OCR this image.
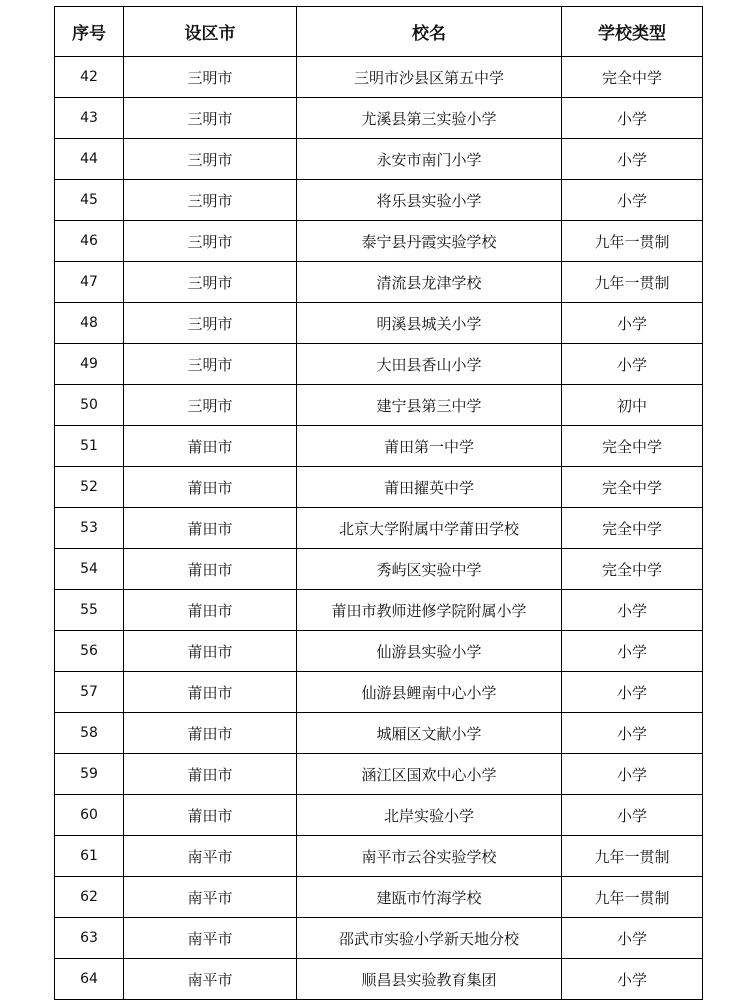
序号	设区市	校名	学校类型
42	三明市	三明市沙县区第五中学	完全中学
43	三明市	尤溪县第三实验小学	小学
44	三明市	永安市南门小学	小学
45	三明市	将乐县实验小学	小学
46	三明市	泰宁县丹霞实验学校	九年一贯制
47	三明市	清流县龙津学校	九年一贯制
48	三明市	明溪县城关小学	小学
49	三明市	大田县香山小学	小学
50	三明市	建宁县第三中学	初中
51	莆田市	莆田第一中学	完全中学
52	莆田市	莆田擢英中学	完全中学
53	莆田市	北京大学附属中学莆田学校	完全中学
54	莆田市	秀屿区实验中学	完全中学
55	莆田市	莆田市教师进修学院附属小学	小学
56	莆田市	仙游县实验小学	小学
57	莆田市	仙游县鲤南中心小学	小学
58	莆田市	城厢区文献小学	小学
59	莆田市	涵江区国欢中心小学	小学
60	莆田市	北岸实验小学	小学
61	南平市	南平市云谷实验学校	九年一贯制
62	南平市	建瓯市竹海学校	九年一贯制
63	南平市	邵武市实验小学新天地分校	小学
64	南平市	顺昌县实验教育集团	小学
